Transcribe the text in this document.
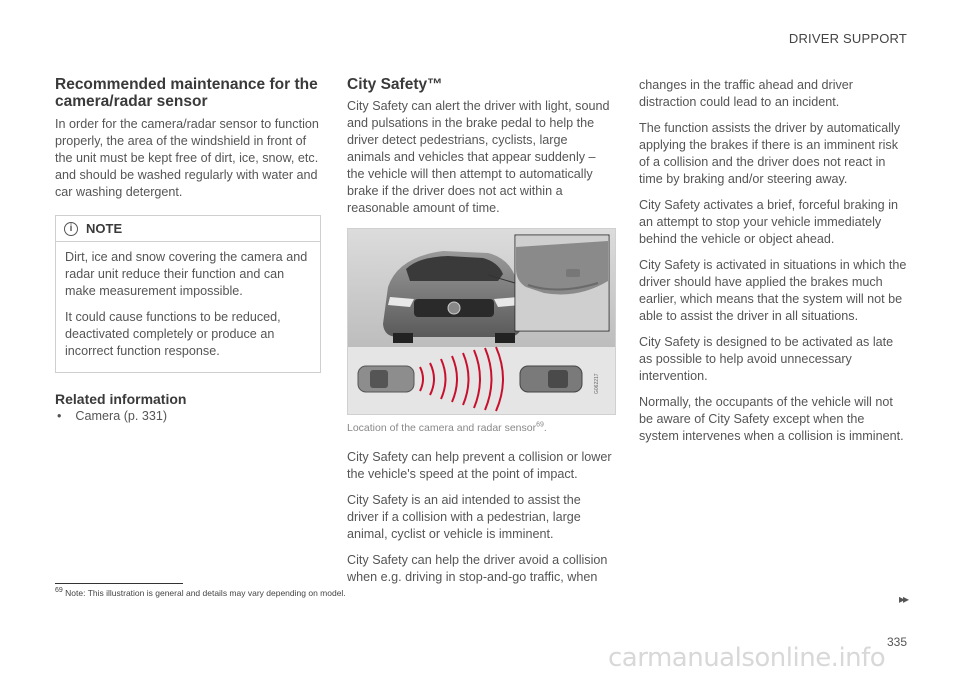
DRIVER SUPPORT
Recommended maintenance for the camera/radar sensor

In order for the camera/radar sensor to function properly, the area of the windshield in front of the unit must be kept free of dirt, ice, snow, etc. and should be washed regularly with water and car washing detergent.

i	NOTE

Dirt, ice and snow covering the camera and radar unit reduce their function and can make measurement impossible.

It could cause functions to be reduced, deactivated completely or produce an incorrect function response.

Related information
• Camera (p. 331)
City Safety™

City Safety can alert the driver with light, sound and pulsations in the brake pedal to help the driver detect pedestrians, cyclists, large animals and vehicles that appear suddenly – the vehicle will then attempt to automatically brake if the driver does not act within a reasonable amount of time.

G062217
Location of the camera and radar sensor$^{69}$.

City Safety can help prevent a collision or lower the vehicle's speed at the point of impact.

City Safety is an aid intended to assist the driver if a collision with a pedestrian, large animal, cyclist or vehicle is imminent.

City Safety can help the driver avoid a collision when e.g. driving in stop-and-go traffic, when

changes in the traffic ahead and driver distraction could lead to an incident.

The function assists the driver by automatically applying the brakes if there is an imminent risk of a collision and the driver does not react in time by braking and/or steering away.

City Safety activates a brief, forceful braking in an attempt to stop your vehicle immediately behind the vehicle or object ahead.

City Safety is activated in situations in which the driver should have applied the brakes much earlier, which means that the system will not be able to assist the driver in all situations.

City Safety is designed to be activated as late as possible to help avoid unnecessary intervention.

Normally, the occupants of the vehicle will not be aware of City Safety except when the system intervenes when a collision is imminent.

$^{69}$ Note: This illustration is general and details may vary depending on model.	▸▸
335
carmanualsonline.info
